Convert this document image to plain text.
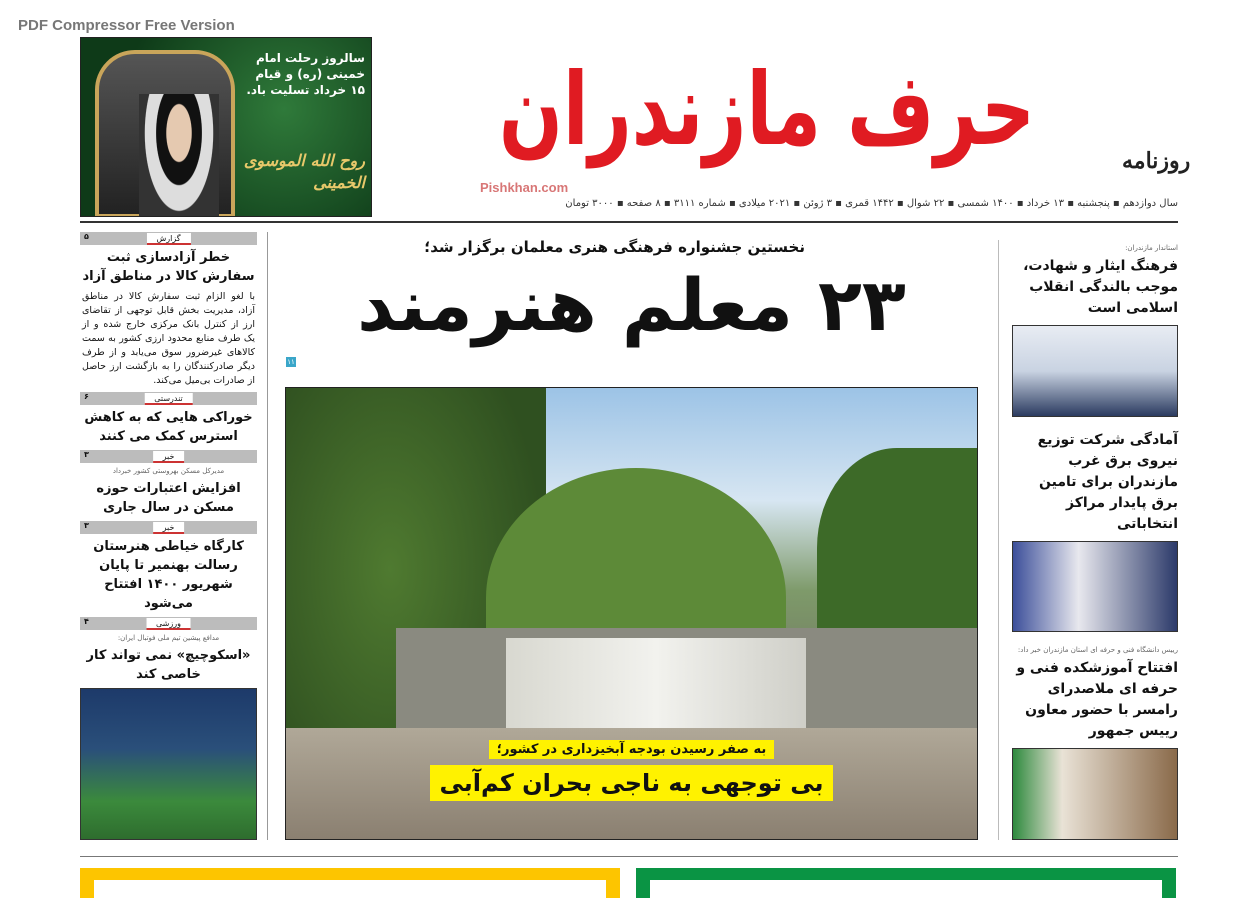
PDF Compressor Free Version
سالروز رحلت امام خمینی (ره) و قیام ۱۵ خرداد تسلیت باد.
روح الله الموسوی الخمینی
حرف مازندران
Pishkhan.com
روزنامه
سال دوازدهم ▪ پنجشنبه ▪ ۱۳ خرداد ▪ ۱۴۰۰ شمسی ▪ ۲۲ شوال ▪ ۱۴۴۲ قمری ▪ ۳ ژوئن ▪ ۲۰۲۱ میلادی ▪ شماره ۳۱۱۱ ▪ ۸ صفحه ▪ ۳۰۰۰ تومان
گزارش
۵
خطر آزادسازی ثبت سفارش کالا در مناطق آزاد
با لغو الزام ثبت سفارش کالا در مناطق آزاد، مدیریت بخش قابل توجهی از تقاضای ارز از کنترل بانک مرکزی خارج شده و از یک طرف منابع محدود ارزی کشور به سمت کالاهای غیرضرور سوق می‌یابد و از طرف دیگر صادرکنندگان را به بازگشت ارز حاصل از صادرات بی‌میل می‌کند.
تندرستی
۶
خوراکی هایی که به کاهش استرس کمک می کنند
خبر
۳
مدیرکل مسکن بهروستی کشور خبرداد
افزایش اعتبارات حوزه مسکن در سال جاری
خبر
۳
کارگاه خیاطی هنرستان رسالت بهنمیر تا پایان شهریور ۱۴۰۰ افتتاح می‌شود
ورزشی
۴
مدافع پیشین تیم ملی فوتبال ایران:
«اسکوچیچ» نمی تواند کار خاصی کند
نخستین جشنواره فرهنگی هنری معلمان برگزار شد؛
۲۳ معلم هنرمند
۱۱
به صفر رسیدن بودجه آبخیزداری در کشور؛
بی توجهی به ناجی بحران کم‌آبی
استاندار مازندران:
فرهنگ ایثار و شهادت، موجب بالندگی انقلاب اسلامی است
آمادگی شرکت توزیع نیروی برق غرب مازندران برای تامین برق پایدار مراکز انتخاباتی
رییس دانشگاه فنی و حرفه ای استان مازندران خبر داد:
افتتاح آموزشکده فنی و حرفه ای ملاصدرای رامسر با حضور معاون رییس جمهور
